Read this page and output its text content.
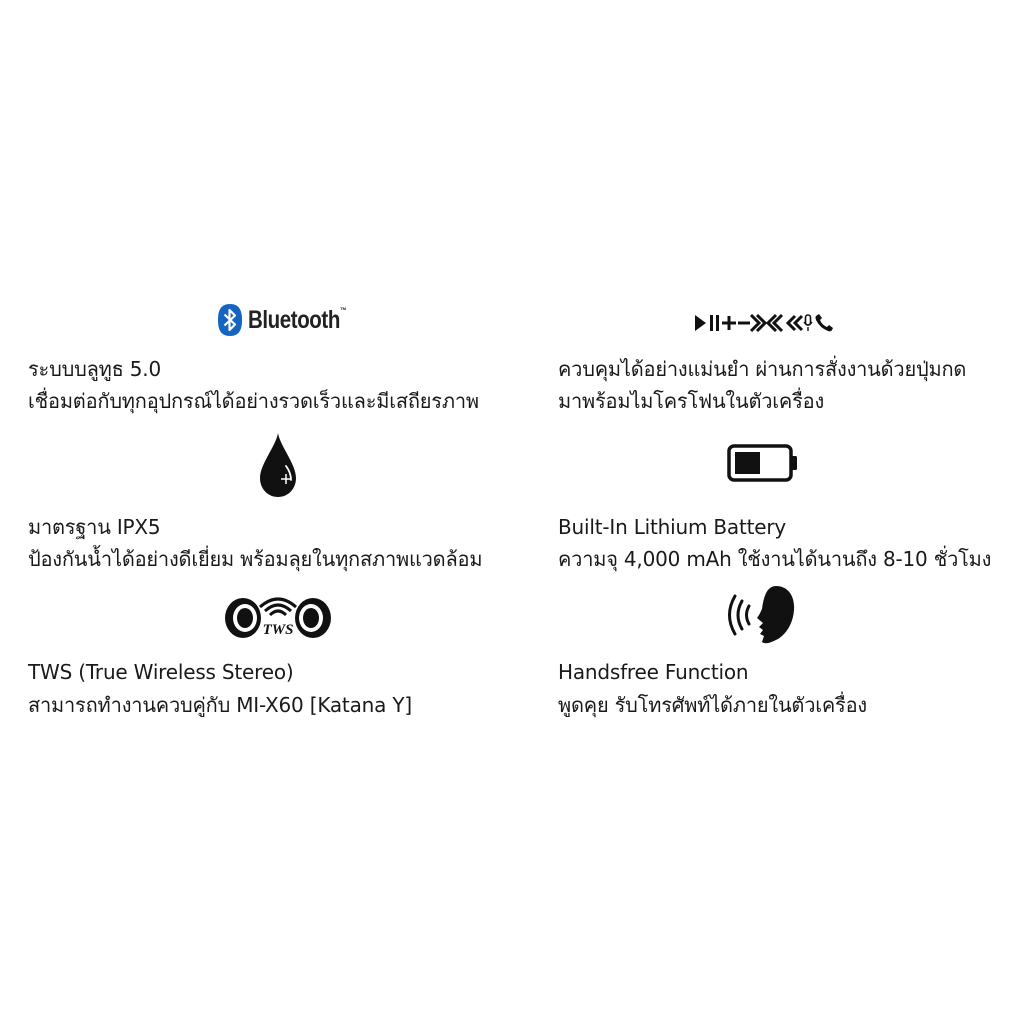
Bluetooth™
ระบบบลูทูธ 5.0
เชื่อมต่อกับทุกอุปกรณ์ได้อย่างรวดเร็วและมีเสถียรภาพ
ควบคุมได้อย่างแม่นยำ ผ่านการสั่งงานด้วยปุ่มกด
มาพร้อมไมโครโฟนในตัวเครื่อง
มาตรฐาน IPX5
ป้องกันน้ำได้อย่างดีเยี่ยม พร้อมลุยในทุกสภาพแวดล้อม
Built-In Lithium Battery
ความจุ 4,000 mAh ใช้งานได้นานถึง 8-10 ชั่วโมง
TWS
TWS (True Wireless Stereo)
สามารถทำงานควบคู่กับ MI-X60 [Katana Y]
Handsfree Function
พูดคุย รับโทรศัพท์ได้ภายในตัวเครื่อง
